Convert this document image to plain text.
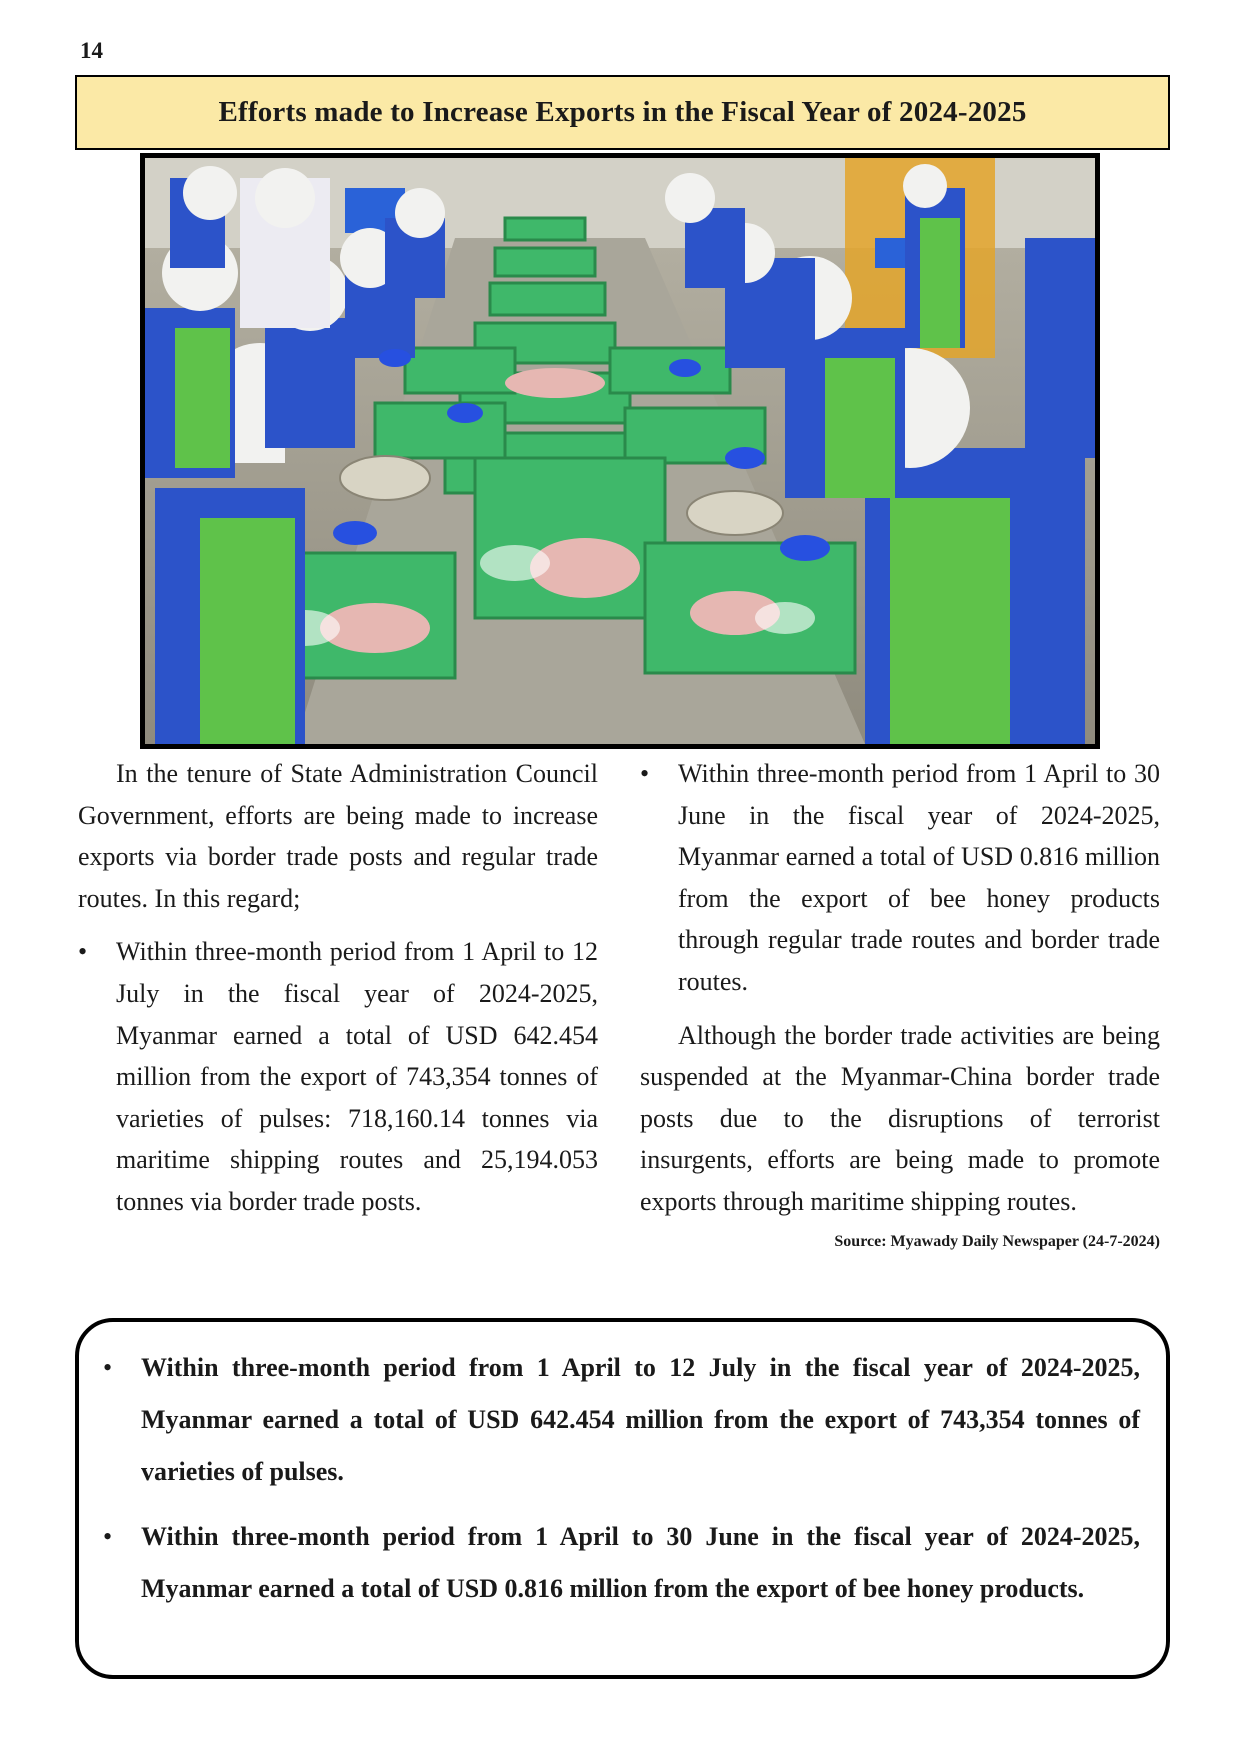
14
Efforts made to Increase Exports in the Fiscal Year of 2024-2025

In the tenure of State Administration Council Government, efforts are being made to increase exports via border trade posts and regular trade routes. In this regard;

• Within three-month period from 1 April to 12 July in the fiscal year of 2024-2025, Myanmar earned a total of USD 642.454 million from the export of 743,354 tonnes of varieties of pulses: 718,160.14 tonnes via maritime shipping routes and 25,194.053 tonnes via border trade posts.

• Within three-month period from 1 April to 30 June in the fiscal year of 2024-2025, Myanmar earned a total of USD 0.816 million from the export of bee honey products through regular trade routes and border trade routes.

Although the border trade activities are being suspended at the Myanmar-China border trade posts due to the disruptions of terrorist insurgents, efforts are being made to promote exports through maritime shipping routes.

Source: Myawady Daily Newspaper (24-7-2024)

• Within three-month period from 1 April to 12 July in the fiscal year of 2024-2025, Myanmar earned a total of USD 642.454 million from the export of 743,354 tonnes of varieties of pulses.
• Within three-month period from 1 April to 30 June in the fiscal year of 2024-2025, Myanmar earned a total of USD 0.816 million from the export of bee honey products.
